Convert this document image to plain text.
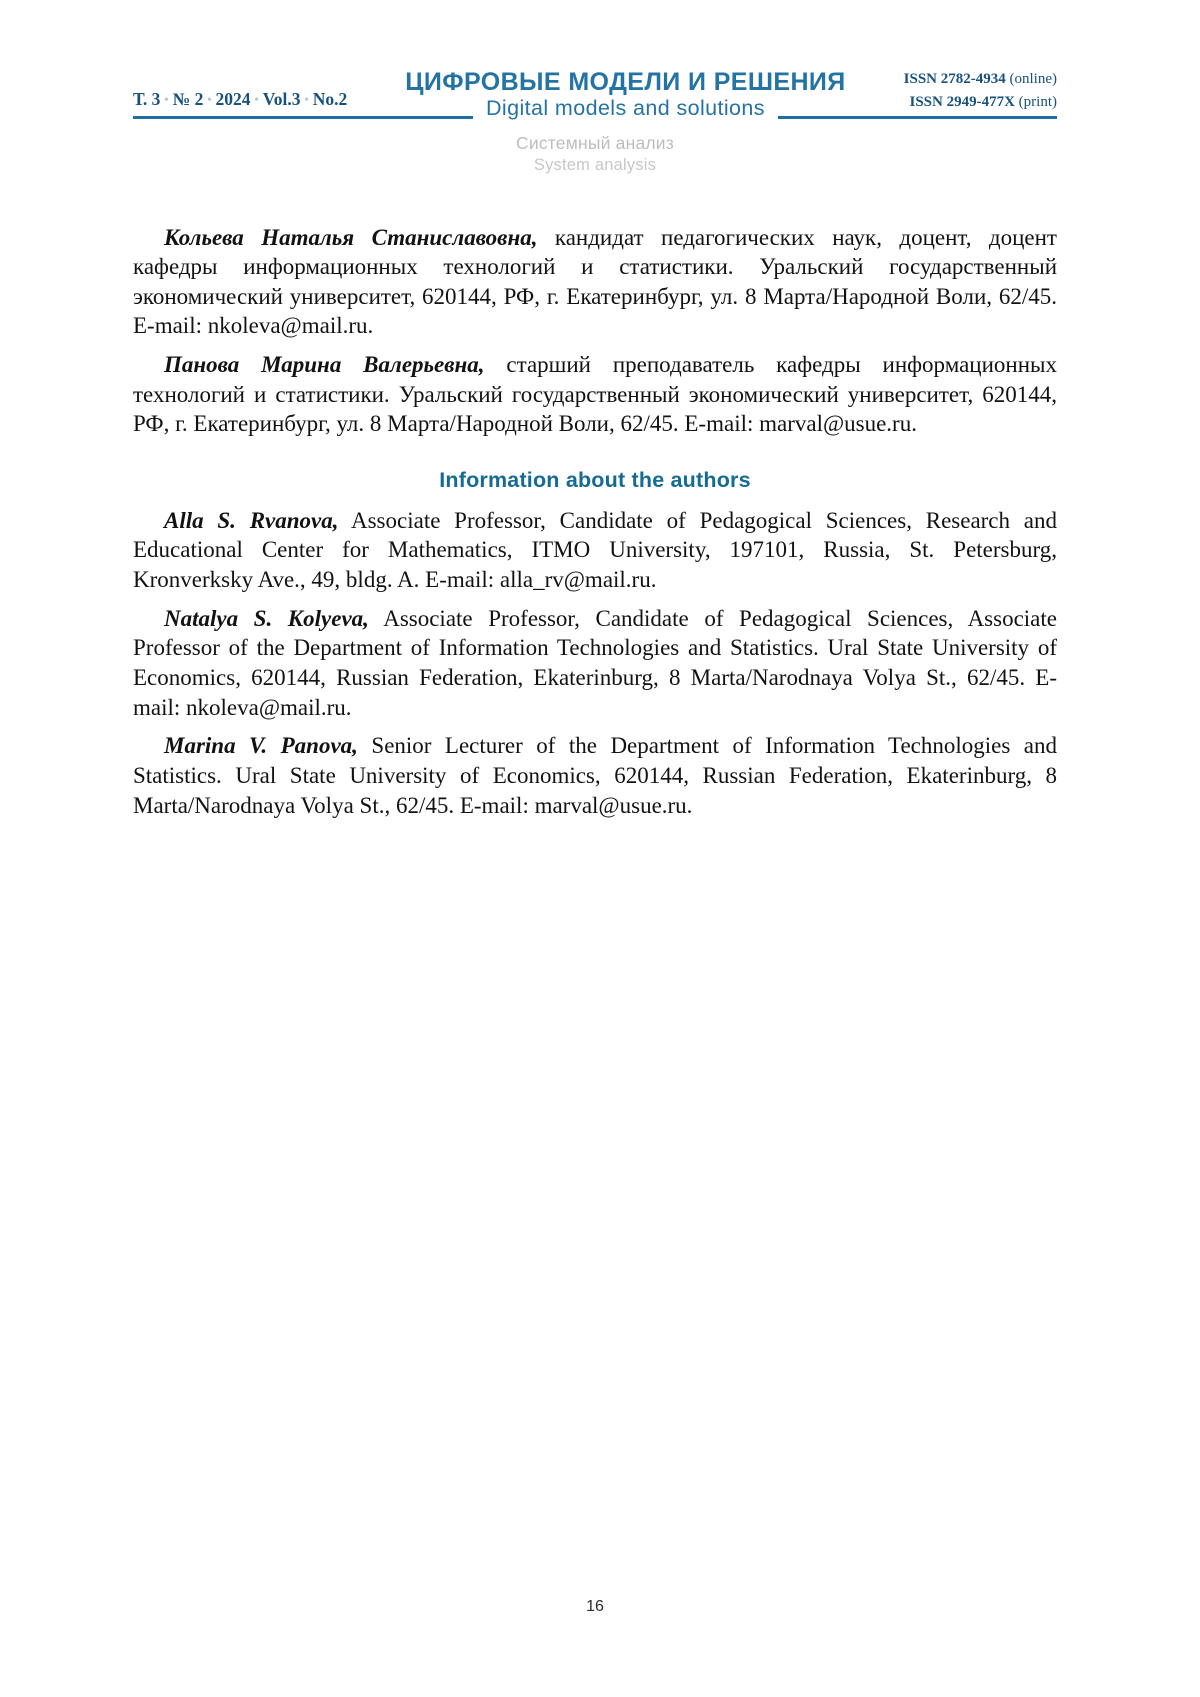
Т. 3 • № 2 • 2024 • Vol.3 • No.2
ЦИФРОВЫЕ МОДЕЛИ И РЕШЕНИЯ
Digital models and solutions
ISSN 2782-4934 (online)
ISSN 2949-477X (print)
Системный анализ
System analysis

Кольева Наталья Станиславовна, кандидат педагогических наук, доцент, доцент кафедры информационных технологий и статистики. Уральский государственный экономический университет, 620144, РФ, г. Екатеринбург, ул. 8 Марта/Народной Воли, 62/45. E-mail: nkoleva@mail.ru.

Панова Марина Валерьевна, старший преподаватель кафедры информационных технологий и статистики. Уральский государственный экономический университет, 620144, РФ, г. Екатеринбург, ул. 8 Марта/Народной Воли, 62/45. E-mail: marval@usue.ru.

Information about the authors

Alla S. Rvanova, Associate Professor, Candidate of Pedagogical Sciences, Research and Educational Center for Mathematics, ITMO University, 197101, Russia, St. Petersburg, Kronverksky Ave., 49, bldg. A. E-mail: alla_rv@mail.ru.

Natalya S. Kolyeva, Associate Professor, Candidate of Pedagogical Sciences, Associate Professor of the Department of Information Technologies and Statistics. Ural State University of Economics, 620144, Russian Federation, Ekaterinburg, 8 Marta/Narodnaya Volya St., 62/45. E-mail: nkoleva@mail.ru.

Marina V. Panova, Senior Lecturer of the Department of Information Technologies and Statistics. Ural State University of Economics, 620144, Russian Federation, Ekaterinburg, 8 Marta/Narodnaya Volya St., 62/45. E-mail: marval@usue.ru.

16
